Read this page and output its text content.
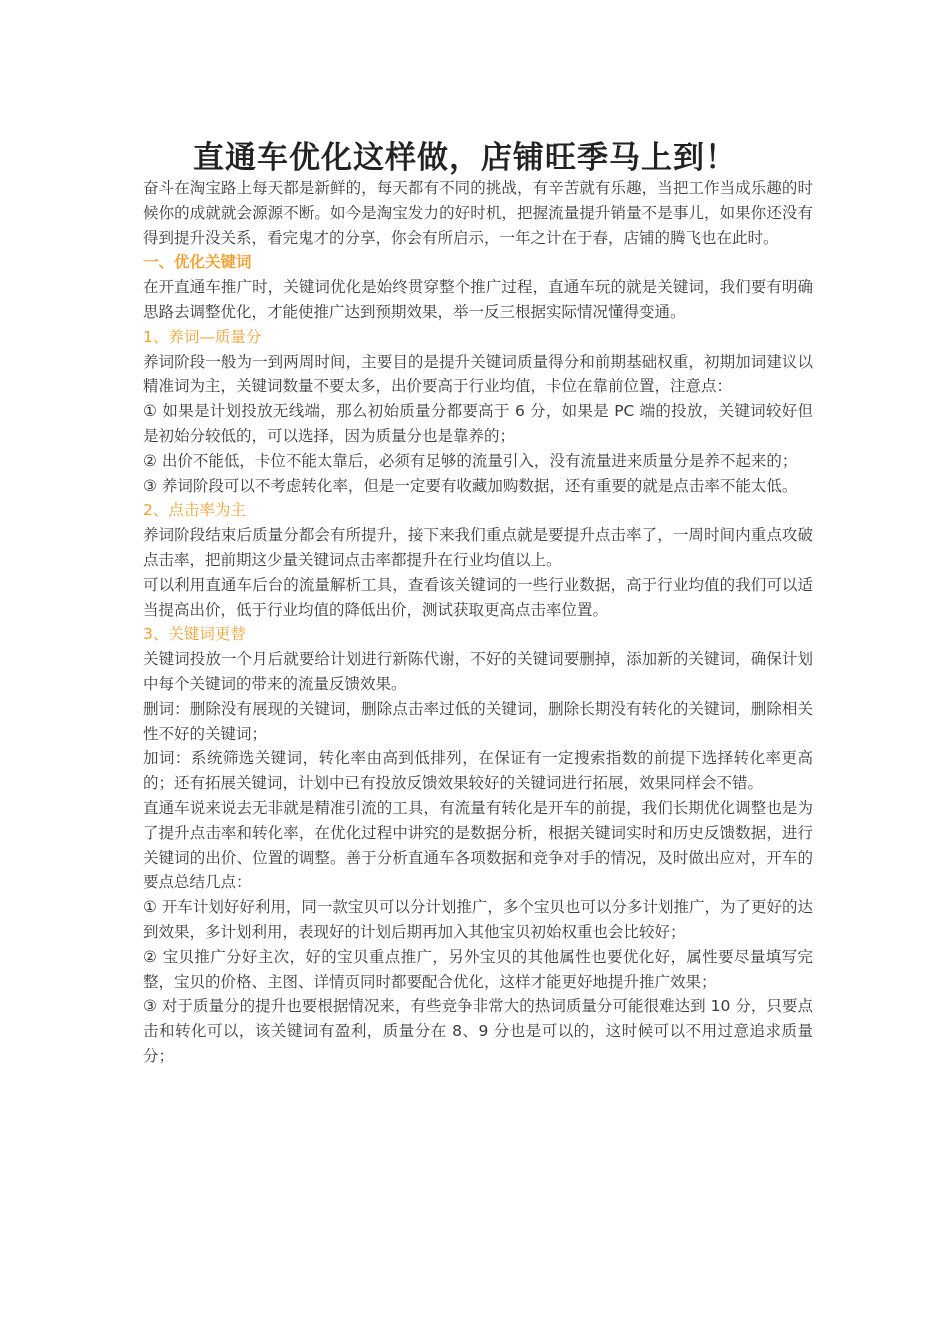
直通车优化这样做，店铺旺季马上到！

奋斗在淘宝路上每天都是新鲜的，每天都有不同的挑战，有辛苦就有乐趣，当把工作当成乐趣的时候你的成就就会源源不断。如今是淘宝发力的好时机，把握流量提升销量不是事儿，如果你还没有得到提升没关系，看完鬼才的分享，你会有所启示，一年之计在于春，店铺的腾飞也在此时。

一、优化关键词

在开直通车推广时，关键词优化是始终贯穿整个推广过程，直通车玩的就是关键词，我们要有明确思路去调整优化，才能使推广达到预期效果，举一反三根据实际情况懂得变通。

1、养词—质量分

养词阶段一般为一到两周时间，主要目的是提升关键词质量得分和前期基础权重，初期加词建议以精准词为主，关键词数量不要太多，出价要高于行业均值，卡位在靠前位置，注意点：

① 如果是计划投放无线端，那么初始质量分都要高于 6 分，如果是 PC 端的投放，关键词较好但是初始分较低的，可以选择，因为质量分也是靠养的；

② 出价不能低，卡位不能太靠后，必须有足够的流量引入，没有流量进来质量分是养不起来的；

③ 养词阶段可以不考虑转化率，但是一定要有收藏加购数据，还有重要的就是点击率不能太低。

2、点击率为主

养词阶段结束后质量分都会有所提升，接下来我们重点就是要提升点击率了，一周时间内重点攻破点击率，把前期这少量关键词点击率都提升在行业均值以上。

可以利用直通车后台的流量解析工具，查看该关键词的一些行业数据，高于行业均值的我们可以适当提高出价，低于行业均值的降低出价，测试获取更高点击率位置。

3、关键词更替

关键词投放一个月后就要给计划进行新陈代谢，不好的关键词要删掉，添加新的关键词，确保计划中每个关键词的带来的流量反馈效果。

删词：删除没有展现的关键词，删除点击率过低的关键词，删除长期没有转化的关键词，删除相关性不好的关键词；

加词：系统筛选关键词，转化率由高到低排列，在保证有一定搜索指数的前提下选择转化率更高的；还有拓展关键词，计划中已有投放反馈效果较好的关键词进行拓展，效果同样会不错。

直通车说来说去无非就是精准引流的工具，有流量有转化是开车的前提，我们长期优化调整也是为了提升点击率和转化率，在优化过程中讲究的是数据分析，根据关键词实时和历史反馈数据，进行关键词的出价、位置的调整。善于分析直通车各项数据和竞争对手的情况，及时做出应对，开车的要点总结几点：

① 开车计划好好利用，同一款宝贝可以分计划推广，多个宝贝也可以分多计划推广，为了更好的达到效果，多计划利用，表现好的计划后期再加入其他宝贝初始权重也会比较好；

② 宝贝推广分好主次，好的宝贝重点推广，另外宝贝的其他属性也要优化好，属性要尽量填写完整，宝贝的价格、主图、详情页同时都要配合优化，这样才能更好地提升推广效果；

③ 对于质量分的提升也要根据情况来，有些竞争非常大的热词质量分可能很难达到 10 分，只要点击和转化可以，该关键词有盈利，质量分在 8、9 分也是可以的，这时候可以不用过意追求质量分；
